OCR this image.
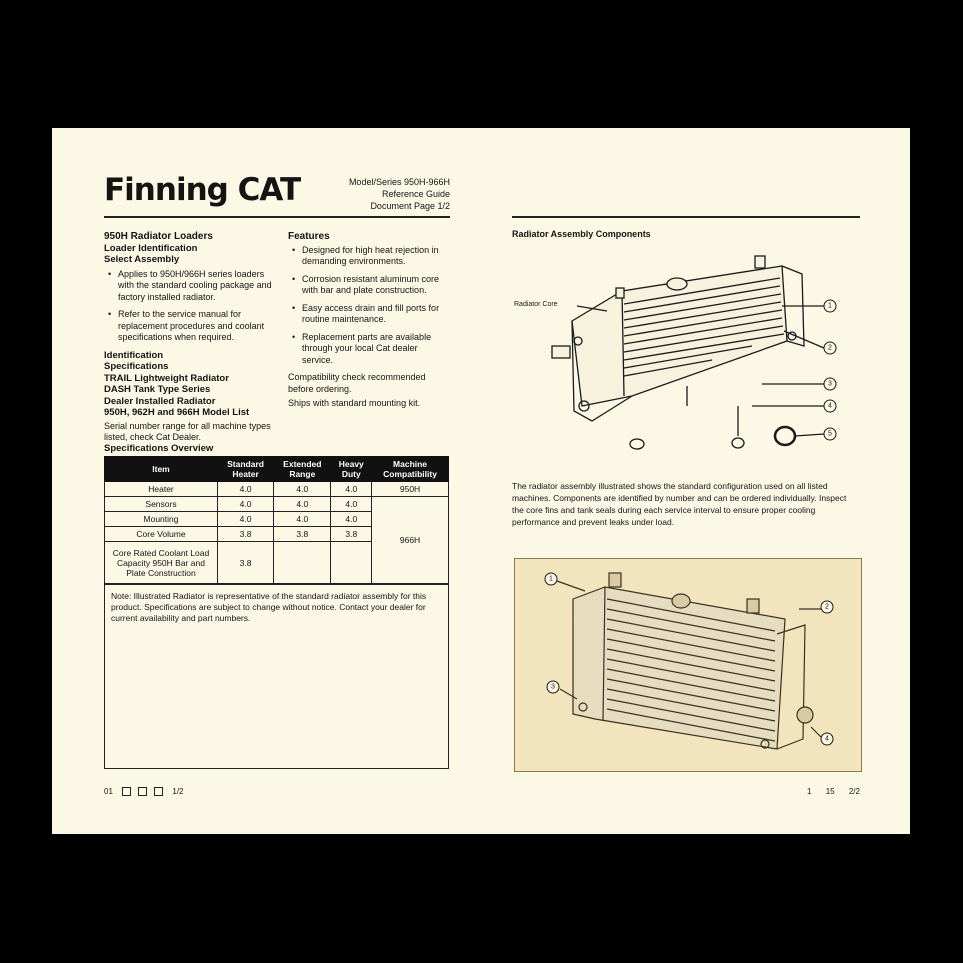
Finning CAT	Model/Series 950H-966H
Reference Guide
Document Page 1/2
950H Radiator Loaders
Loader Identification
Select Assembly
• Applies to 950H/966H series loaders with the standard cooling package and factory installed radiator.
• Refer to the service manual for replacement procedures and coolant specifications when required.
Identification
Specifications
TRAIL Lightweight Radiator
DASH Tank Type Series
Dealer Installed Radiator
950H, 962H and 966H Model List
Serial number range for all machine types listed, check Cat Dealer.
Features
• Designed for high heat rejection in demanding environments.
• Corrosion resistant aluminum core with bar and plate construction.
• Easy access drain and fill ports for routine maintenance.
• Replacement parts are available through your local Cat dealer service.
Compatibility check recommended
before ordering.
Ships with standard mounting kit.
Specifications Overview
Item	Standard Heater	Extended Range	Heavy Duty	Machine Compatibility
Heater	4.0	4.0	4.0	950H
Sensors	4.0	4.0	4.0	966H
Mounting	4.0	4.0	4.0	
Core Volume	3.8	3.8	3.8	
Core Rated Coolant Load Capacity 950H Bar and Plate Construction	3.8			
Note: Illustrated Radiator is representative of the standard radiator assembly for this product. Specifications are subject to change without notice. Contact your dealer for current availability and part numbers.
01	1/2
Radiator Assembly Components
Radiator Core	1
2
3
4
5
The radiator assembly illustrated shows the standard configuration used on all listed machines. Components are identified by number and can be ordered individually. Inspect the core fins and tank seals during each service interval to ensure proper cooling performance and prevent leaks under load.
1
2
3
4
1 15 2/2
